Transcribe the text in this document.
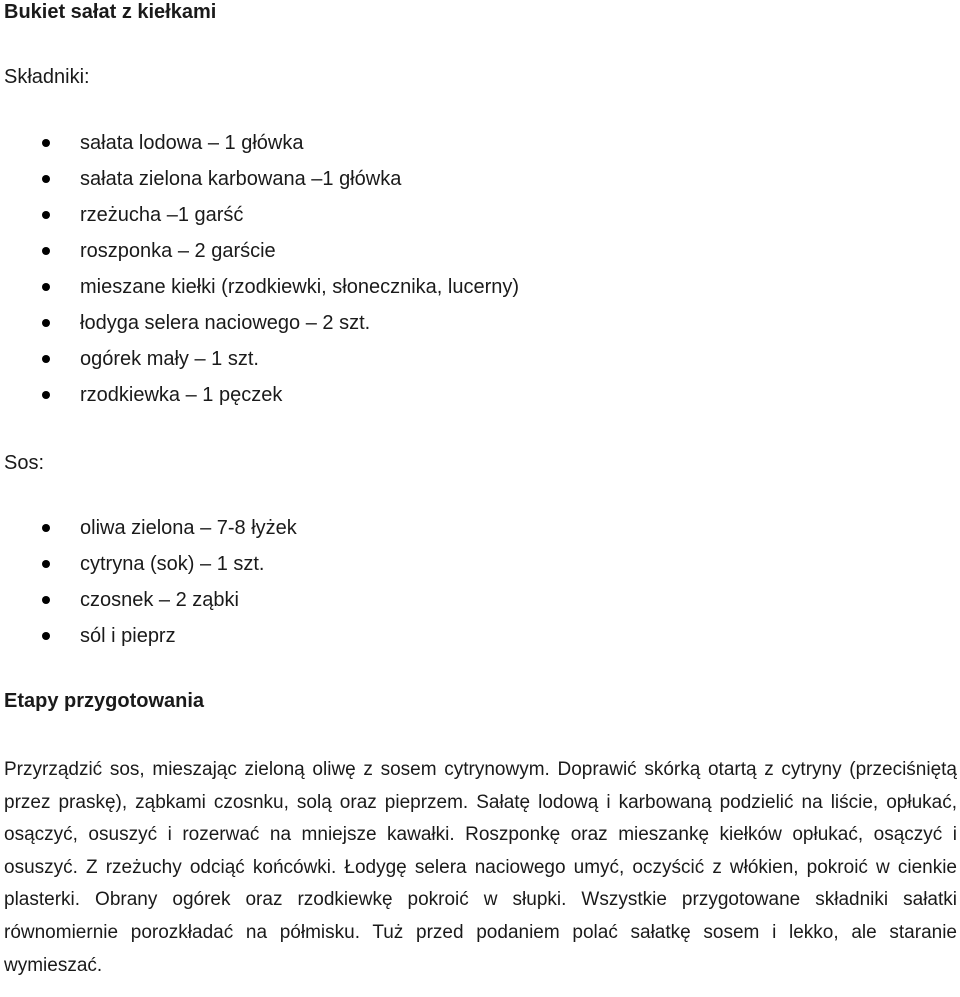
Bukiet sałat z kiełkami

Składniki:

sałata lodowa – 1 główka
sałata zielona karbowana –1 główka
rzeżucha –1 garść
roszponka – 2 garście
mieszane kiełki (rzodkiewki, słonecznika, lucerny)
łodyga selera naciowego – 2 szt.
ogórek mały – 1 szt.
rzodkiewka – 1 pęczek

Sos:

oliwa zielona – 7-8 łyżek
cytryna (sok) – 1 szt.
czosnek – 2 ząbki
sól i pieprz
Etapy przygotowania

Przyrządzić sos, mieszając zieloną oliwę z sosem cytrynowym. Doprawić skórką otartą z cytryny (przeciśniętą przez praskę), ząbkami czosnku, solą oraz pieprzem. Sałatę lodową i karbowaną podzielić na liście, opłukać, osączyć, osuszyć i rozerwać na mniejsze kawałki. Roszponkę oraz mieszankę kiełków opłukać, osączyć i osuszyć. Z rzeżuchy odciąć końcówki. Łodygę selera naciowego umyć, oczyścić z włókien, pokroić w cienkie plasterki. Obrany ogórek oraz rzodkiewkę pokroić w słupki. Wszystkie przygotowane składniki sałatki równomiernie porozkładać na półmisku. Tuż przed podaniem polać sałatkę sosem i lekko, ale staranie wymieszać.
